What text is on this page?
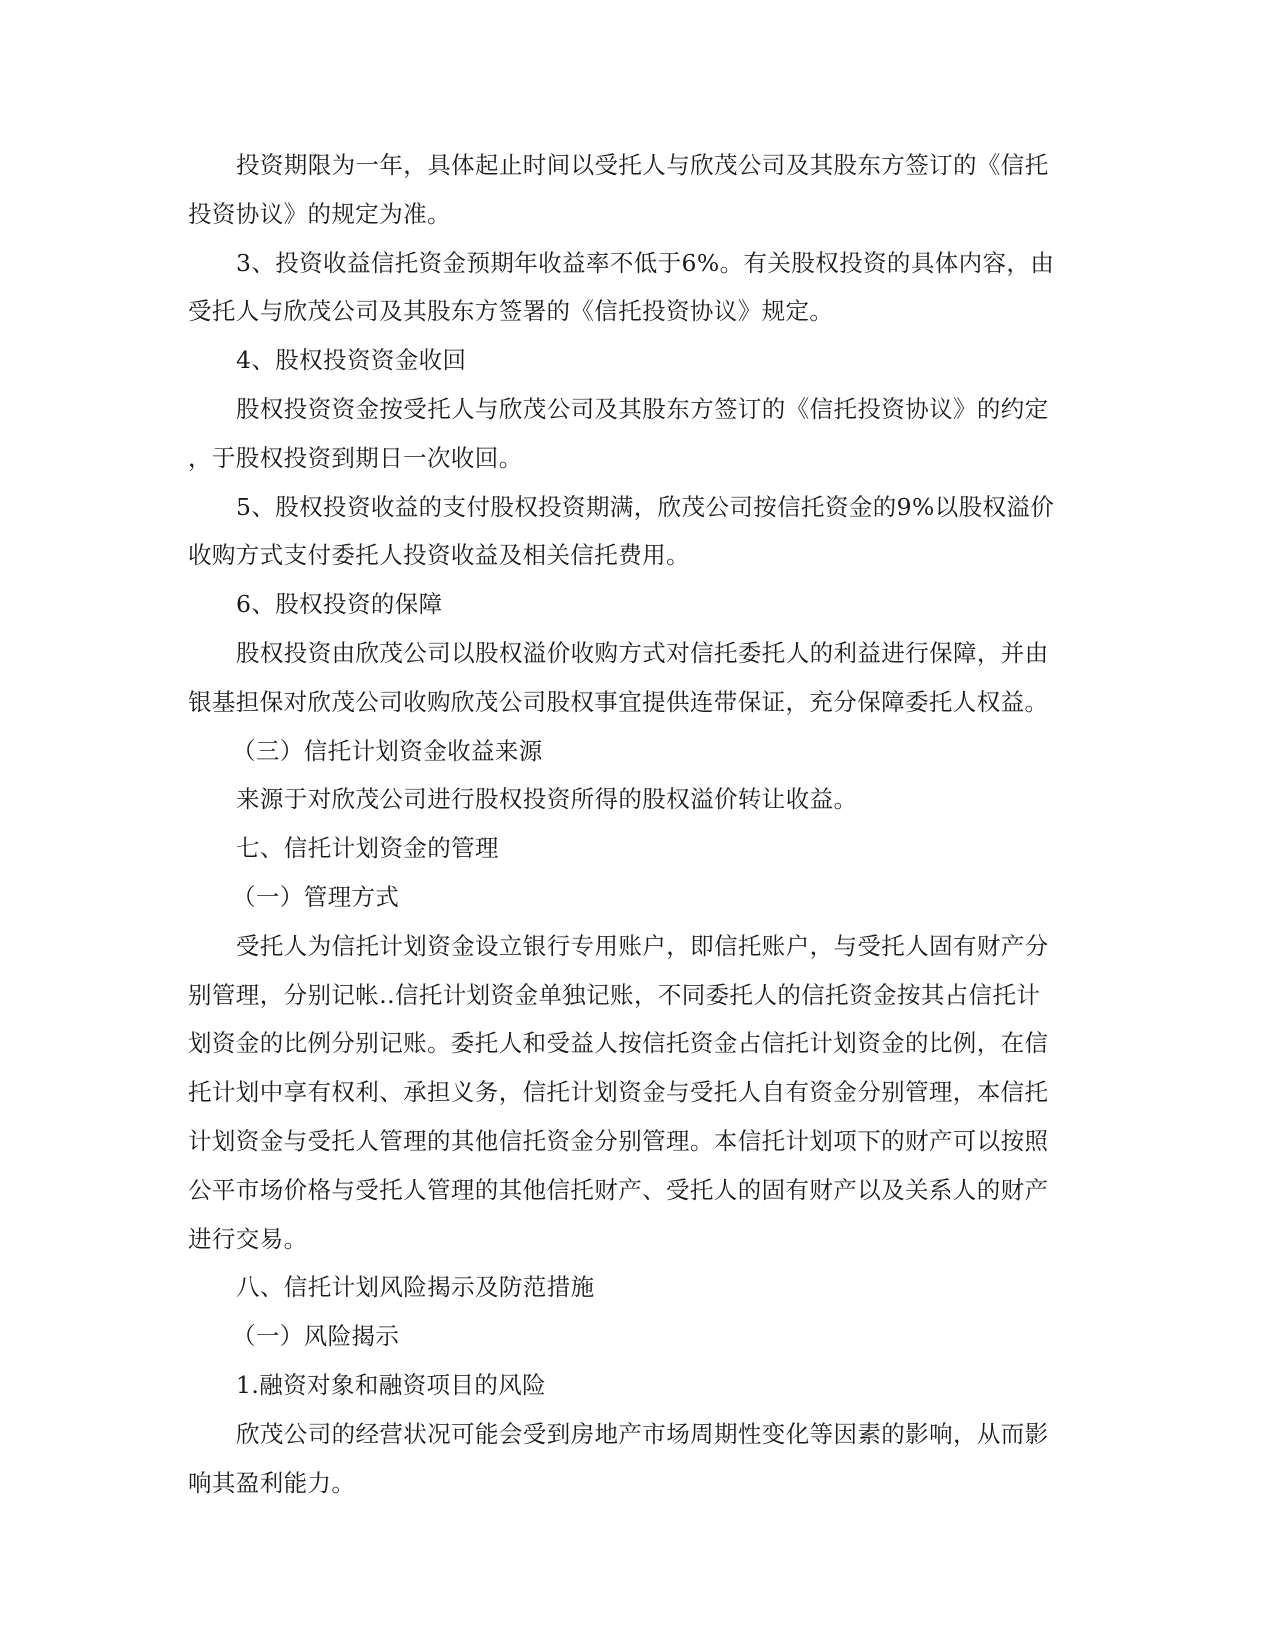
投资期限为一年，具体起止时间以受托人与欣茂公司及其股东方签订的《信托
投资协议》的规定为准。
3、投资收益信托资金预期年收益率不低于6%。有关股权投资的具体内容，由
受托人与欣茂公司及其股东方签署的《信托投资协议》规定。
4、股权投资资金收回
股权投资资金按受托人与欣茂公司及其股东方签订的《信托投资协议》的约定
，于股权投资到期日一次收回。
5、股权投资收益的支付股权投资期满，欣茂公司按信托资金的9%以股权溢价
收购方式支付委托人投资收益及相关信托费用。
6、股权投资的保障
股权投资由欣茂公司以股权溢价收购方式对信托委托人的利益进行保障，并由
银基担保对欣茂公司收购欣茂公司股权事宜提供连带保证，充分保障委托人权益。
（三）信托计划资金收益来源
来源于对欣茂公司进行股权投资所得的股权溢价转让收益。
七、信托计划资金的管理
（一）管理方式
受托人为信托计划资金设立银行专用账户，即信托账户，与受托人固有财产分
别管理，分别记帐..信托计划资金单独记账，不同委托人的信托资金按其占信托计
划资金的比例分别记账。委托人和受益人按信托资金占信托计划资金的比例，在信
托计划中享有权利、承担义务，信托计划资金与受托人自有资金分别管理，本信托
计划资金与受托人管理的其他信托资金分别管理。本信托计划项下的财产可以按照
公平市场价格与受托人管理的其他信托财产、受托人的固有财产以及关系人的财产
进行交易。
八、信托计划风险揭示及防范措施
（一）风险揭示
1.融资对象和融资项目的风险
欣茂公司的经营状况可能会受到房地产市场周期性变化等因素的影响，从而影
响其盈利能力。
